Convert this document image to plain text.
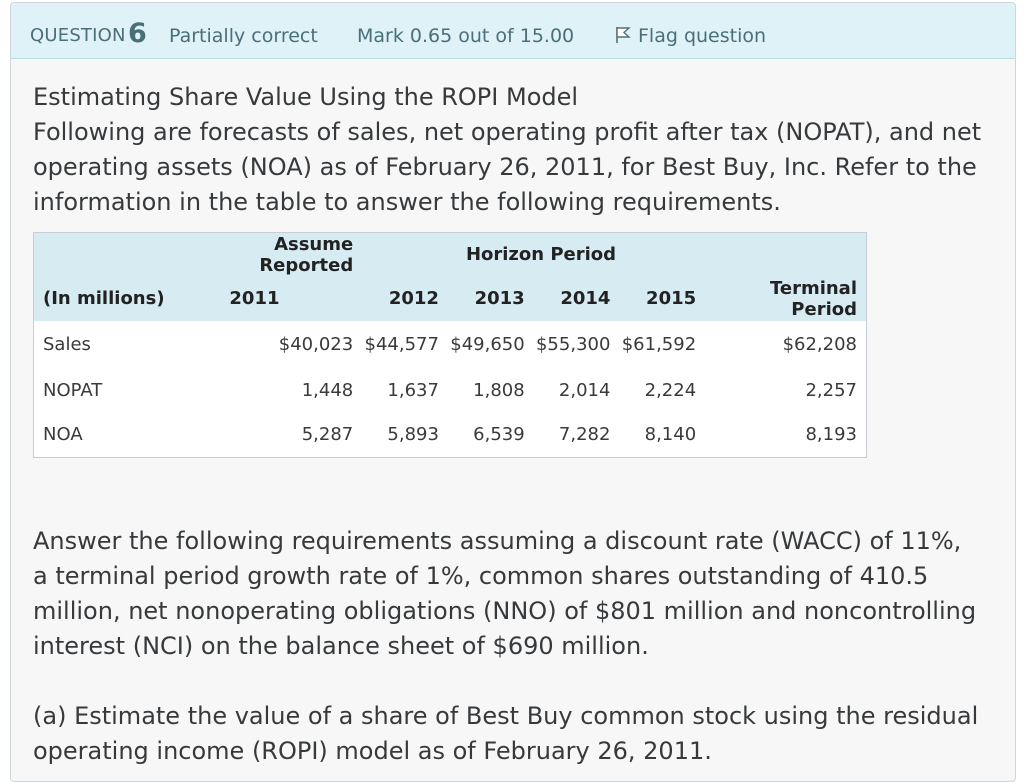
QUESTION 6 Partially correct Mark 0.65 out of 15.00	Flag question

Estimating Share Value Using the ROPI Model

Following are forecasts of sales, net operating profit after tax (NOPAT), and net operating assets (NOA) as of February 26, 2011, for Best Buy, Inc. Refer to the information in the table to answer the following requirements.

	Assume Reported		Horizon Period			
(In millions)	2011	2012	2013	2014	2015	Terminal Period
Sales	$40,023	$44,577	$49,650	$55,300	$61,592	$62,208
NOPAT	1,448	1,637	1,808	2,014	2,224	2,257
NOA	5,287	5,893	6,539	7,282	8,140	8,193

Answer the following requirements assuming a discount rate (WACC) of 11%, a terminal period growth rate of 1%, common shares outstanding of 410.5 million, net nonoperating obligations (NNO) of $801 million and noncontrolling interest (NCI) on the balance sheet of $690 million.

(a) Estimate the value of a share of Best Buy common stock using the residual operating income (ROPI) model as of February 26, 2011.
